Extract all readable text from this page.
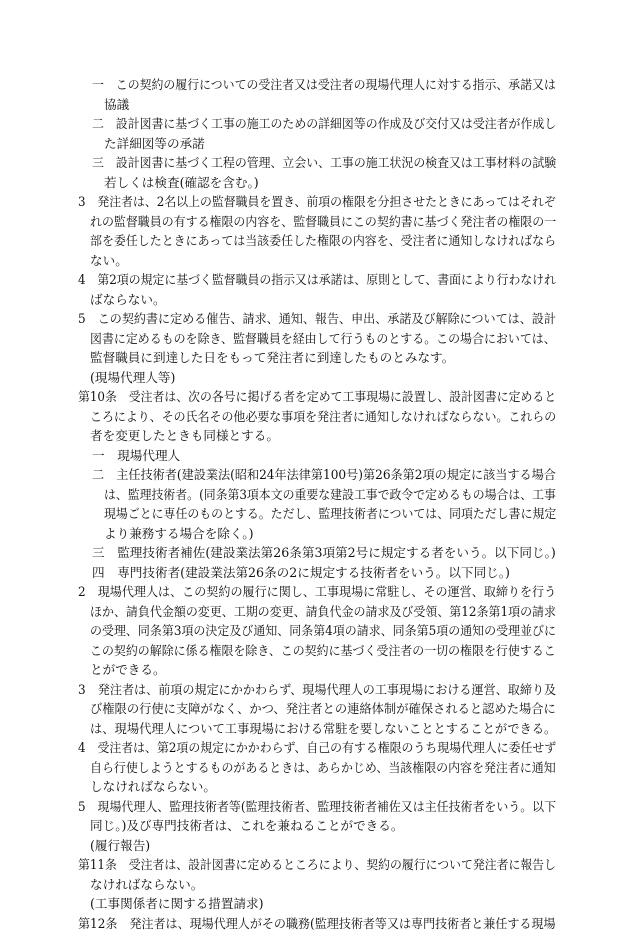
一　この契約の履行についての受注者又は受注者の現場代理人に対する指示、承諾又は
協議
二　設計図書に基づく工事の施工のための詳細図等の作成及び交付又は受注者が作成し
た詳細図等の承諾
三　設計図書に基づく工程の管理、立会い、工事の施工状況の検査又は工事材料の試験
若しくは検査(確認を含む。)
3　発注者は、2名以上の監督職員を置き、前項の権限を分担させたときにあってはそれぞ
れの監督職員の有する権限の内容を、監督職員にこの契約書に基づく発注者の権限の一
部を委任したときにあっては当該委任した権限の内容を、受注者に通知しなければなら
ない。
4　第2項の規定に基づく監督職員の指示又は承諾は、原則として、書面により行わなけれ
ばならない。
5　この契約書に定める催告、請求、通知、報告、申出、承諾及び解除については、設計
図書に定めるものを除き、監督職員を経由して行うものとする。この場合においては、
監督職員に到達した日をもって発注者に到達したものとみなす。
(現場代理人等)
第10条　受注者は、次の各号に掲げる者を定めて工事現場に設置し、設計図書に定めると
ころにより、その氏名その他必要な事項を発注者に通知しなければならない。これらの
者を変更したときも同様とする。
一　現場代理人
二　主任技術者(建設業法(昭和24年法律第100号)第26条第2項の規定に該当する場合
は、監理技術者。(同条第3項本文の重要な建設工事で政令で定めるもの場合は、工事
現場ごとに専任のものとする。ただし、監理技術者については、同項ただし書に規定
より兼務する場合を除く。)
三　監理技術者補佐(建設業法第26条第3項第2号に規定する者をいう。以下同じ。)
四　専門技術者(建設業法第26条の2に規定する技術者をいう。以下同じ。)
2　現場代理人は、この契約の履行に関し、工事現場に常駐し、その運営、取締りを行う
ほか、請負代金額の変更、工期の変更、請負代金の請求及び受領、第12条第1項の請求
の受理、同条第3項の決定及び通知、同条第4項の請求、同条第5項の通知の受理並びに
この契約の解除に係る権限を除き、この契約に基づく受注者の一切の権限を行使するこ
とができる。
3　発注者は、前項の規定にかかわらず、現場代理人の工事現場における運営、取締り及
び権限の行使に支障がなく、かつ、発注者との連絡体制が確保されると認めた場合に
は、現場代理人について工事現場における常駐を要しないこととすることができる。
4　受注者は、第2項の規定にかかわらず、自己の有する権限のうち現場代理人に委任せず
自ら行使しようとするものがあるときは、あらかじめ、当該権限の内容を発注者に通知
しなければならない。
5　現場代理人、監理技術者等(監理技術者、監理技術者補佐又は主任技術者をいう。以下
同じ。)及び専門技術者は、これを兼ねることができる。
(履行報告)
第11条　受注者は、設計図書に定めるところにより、契約の履行について発注者に報告し
なければならない。
(工事関係者に関する措置請求)
第12条　発注者は、現場代理人がその職務(監理技術者等又は専門技術者と兼任する現場
